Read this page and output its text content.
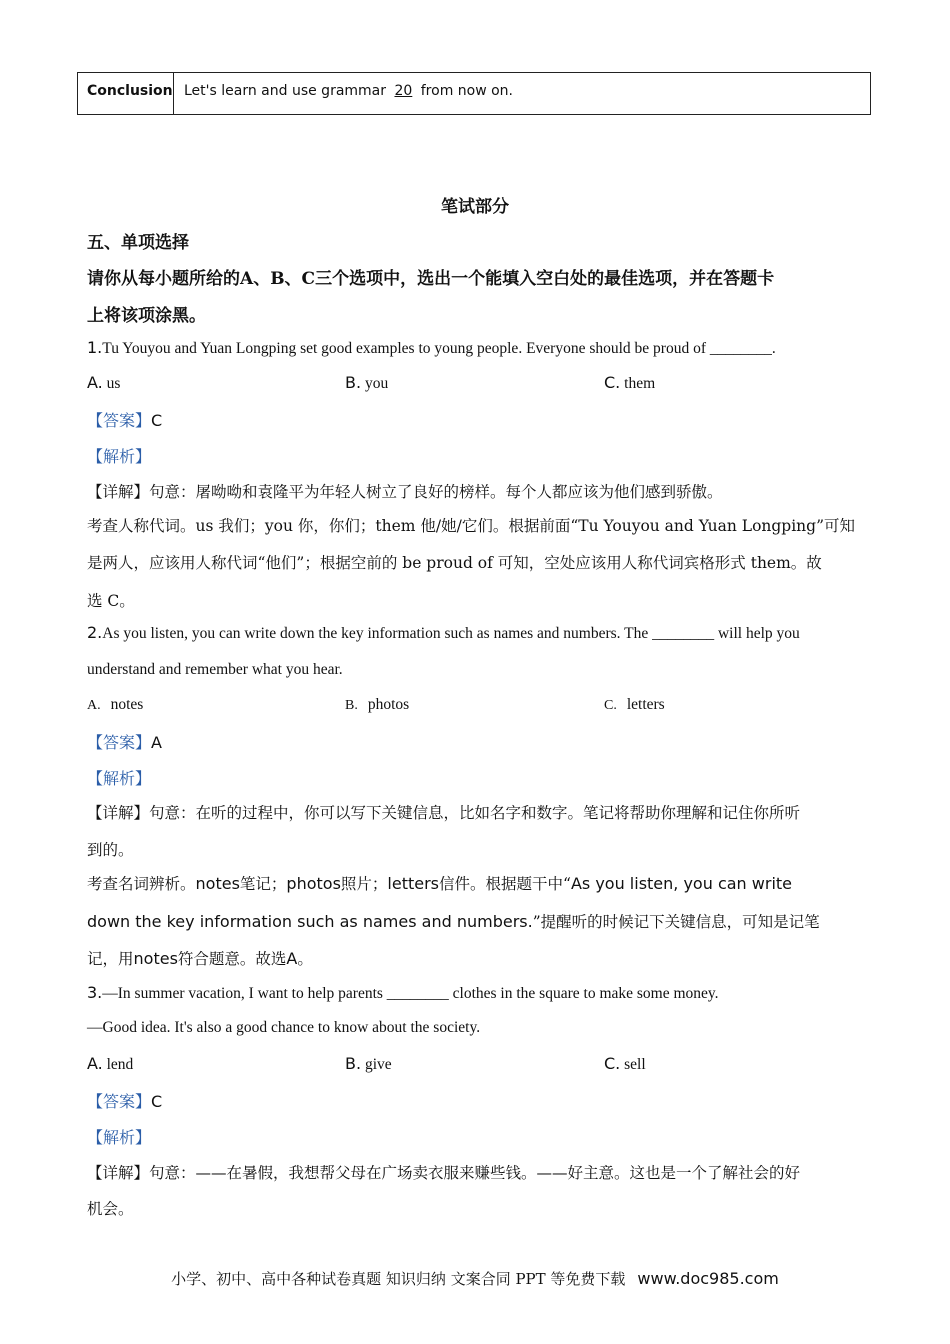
Conclusion Let's learn and use grammar 20 from now on.
笔试部分
五、单项选择
请你从每小题所给的A、B、C三个选项中，选出一个能填入空白处的最佳选项，并在答题卡
上将该项涂黑。
1.Tu Youyou and Yuan Longping set good examples to young people. Everyone should be proud of ________.
A. us	B. you	C. them
【答案】C
【解析】
【详解】句意：屠呦呦和袁隆平为年轻人树立了良好的榜样。每个人都应该为他们感到骄傲。
考查人称代词。us 我们；you 你，你们；them 他/她/它们。根据前面“Tu Youyou and Yuan Longping”可知
是两人，应该用人称代词“他们”；根据空前的 be proud of 可知，空处应该用人称代词宾格形式 them。故
选 C。
2.As you listen, you can write down the key information such as names and numbers. The ________ will help you
understand and remember what you hear.
A. notes	B. photos	C. letters
【答案】A
【解析】
【详解】句意：在听的过程中，你可以写下关键信息，比如名字和数字。笔记将帮助你理解和记住你所听
到的。
考查名词辨析。notes笔记；photos照片；letters信件。根据题干中“As you listen, you can write
down the key information such as names and numbers.”提醒听的时候记下关键信息，可知是记笔
记，用notes符合题意。故选A。
3.—In summer vacation, I want to help parents ________ clothes in the square to make some money.
—Good idea. It's also a good chance to know about the society.
A. lend	B. give	C. sell
【答案】C
【解析】
【详解】句意：——在暑假，我想帮父母在广场卖衣服来赚些钱。——好主意。这也是一个了解社会的好
机会。
小学、初中、高中各种试卷真题 知识归纳 文案合同 PPT 等免费下载 www.doc985.com
